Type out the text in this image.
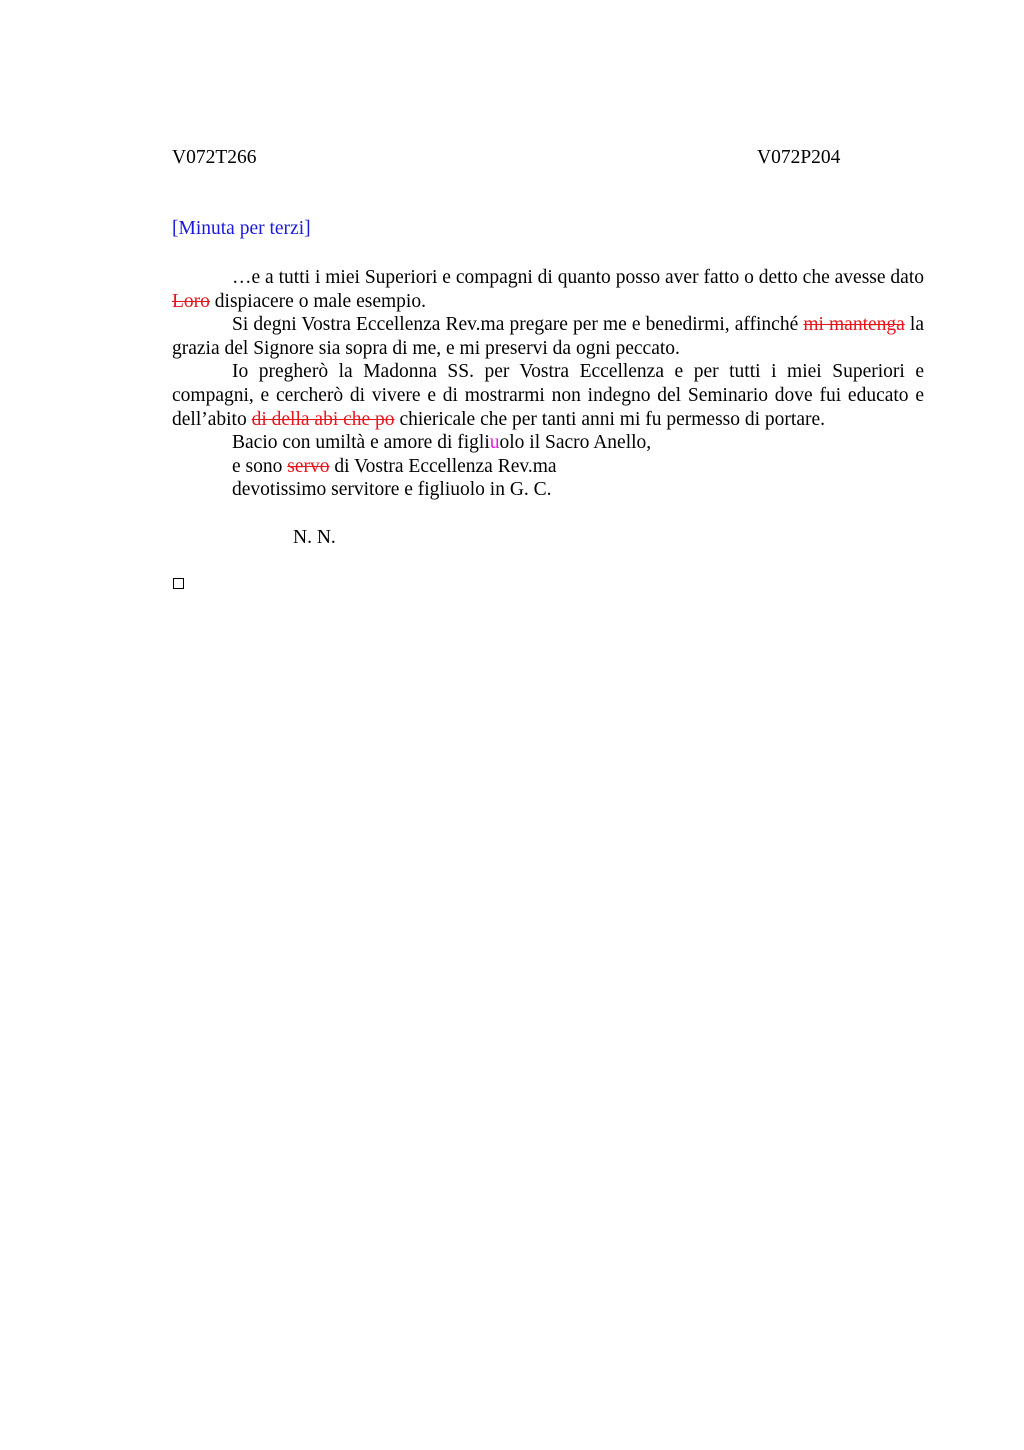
V072T266	V072P204
[Minuta per terzi]

…e a tutti i miei Superiori e compagni di quanto posso aver fatto o detto che avesse dato Loro dispiacere o male esempio.

Si degni Vostra Eccellenza Rev.ma pregare per me e benedirmi, affinché mi mantenga la grazia del Signore sia sopra di me, e mi preservi da ogni peccato.

Io pregherò la Madonna SS. per Vostra Eccellenza e per tutti i miei Superiori e compagni, e cercherò di vivere e di mostrarmi non indegno del Seminario dove fui educato e dell’abito di della abi che po chiericale che per tanti anni mi fu permesso di portare.

Bacio con umiltà e amore di figliuolo il Sacro Anello,

e sono servo di Vostra Eccellenza Rev.ma

devotissimo servitore e figliuolo in G. C.

N. N.
